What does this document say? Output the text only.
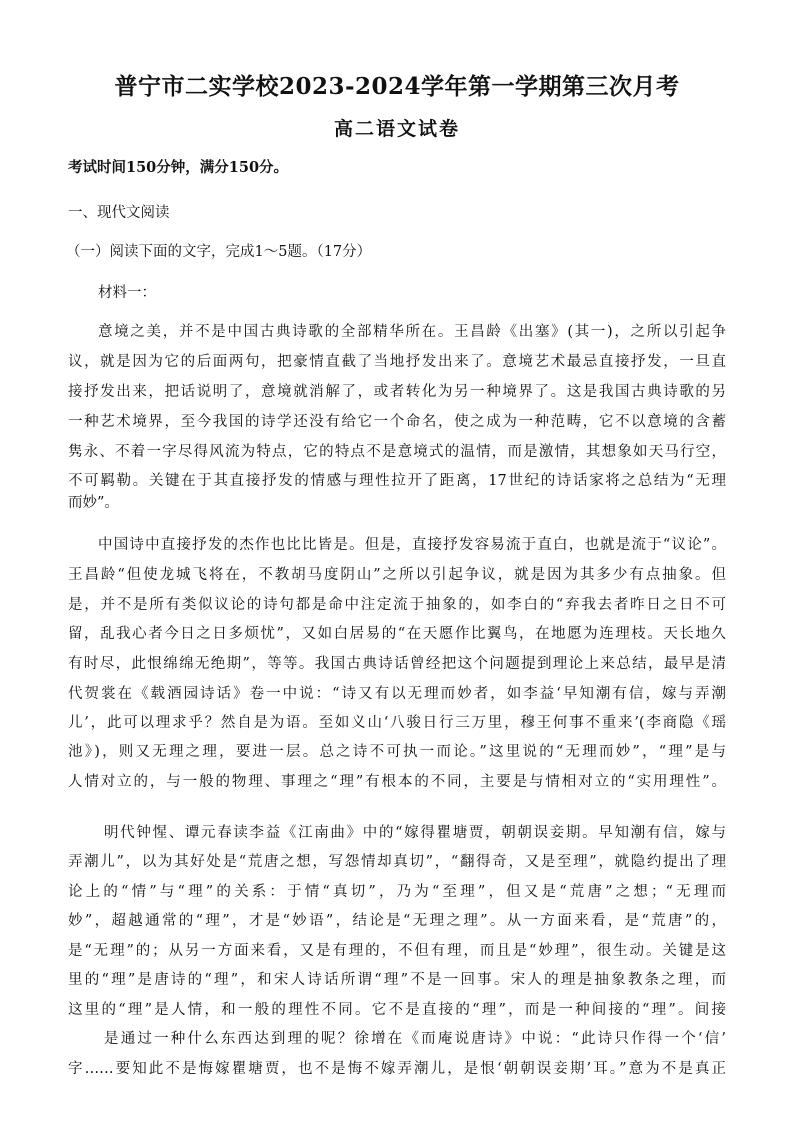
普宁市二实学校2023-2024学年第一学期第三次月考
高二语文试卷
考试时间150分钟，满分150分。
一、现代文阅读
（一）阅读下面的文字，完成1～5题。（17分）
材料一：
意境之美，并不是中国古典诗歌的全部精华所在。王昌龄《出塞》(其一)，之所以引起争
议，就是因为它的后面两句，把豪情直截了当地抒发出来了。意境艺术最忌直接抒发，一旦直
接抒发出来，把话说明了，意境就消解了，或者转化为另一种境界了。这是我国古典诗歌的另
一种艺术境界，至今我国的诗学还没有给它一个命名，使之成为一种范畴，它不以意境的含蓄
隽永、不着一字尽得风流为特点，它的特点不是意境式的温情，而是激情，其想象如天马行空，
不可羁勒。关键在于其直接抒发的情感与理性拉开了距离，17世纪的诗话家将之总结为“无理
而妙”。
中国诗中直接抒发的杰作也比比皆是。但是，直接抒发容易流于直白，也就是流于“议论”。
王昌龄“但使龙城飞将在，不教胡马度阴山”之所以引起争议，就是因为其多少有点抽象。但
是，并不是所有类似议论的诗句都是命中注定流于抽象的，如李白的“弃我去者昨日之日不可
留，乱我心者今日之日多烦忧”，又如白居易的“在天愿作比翼鸟，在地愿为连理枝。天长地久
有时尽，此恨绵绵无绝期”，等等。我国古典诗话曾经把这个问题提到理论上来总结，最早是清
代贺裳在《载酒园诗话》卷一中说：“诗又有以无理而妙者，如李益‘早知潮有信，嫁与弄潮
儿’，此可以理求乎？然自是为语。至如义山‘八骏日行三万里，穆王何事不重来’(李商隐《瑶
池》)，则又无理之理，要进一层。总之诗不可执一而论。”这里说的“无理而妙”，“理”是与
人情对立的，与一般的物理、事理之“理”有根本的不同，主要是与情相对立的“实用理性”。
明代钟惺、谭元春读李益《江南曲》中的“嫁得瞿塘贾，朝朝误妾期。早知潮有信，嫁与
弄潮儿”，以为其好处是“荒唐之想，写怨情却真切”，“翻得奇，又是至理”，就隐约提出了理
论上的“情”与“理”的关系：于情“真切”，乃为“至理”，但又是“荒唐”之想；“无理而
妙”，超越通常的“理”，才是“妙语”，结论是“无理之理”。从一方面来看，是“荒唐”的，
是“无理”的；从另一方面来看，又是有理的，不但有理，而且是“妙理”，很生动。关键是这
里的“理”是唐诗的“理”，和宋人诗话所谓“理”不是一回事。宋人的理是抽象教条之理，而
这里的“理”是人情，和一般的理性不同。它不是直接的“理”，而是一种间接的“理”。间接
是通过一种什么东西达到理的呢？徐增在《而庵说唐诗》中说：“此诗只作得一个‘信’
字……要知此不是悔嫁瞿塘贾，也不是悔不嫁弄潮儿，是恨‘朝朝误妾期’耳。”意为不是真正
